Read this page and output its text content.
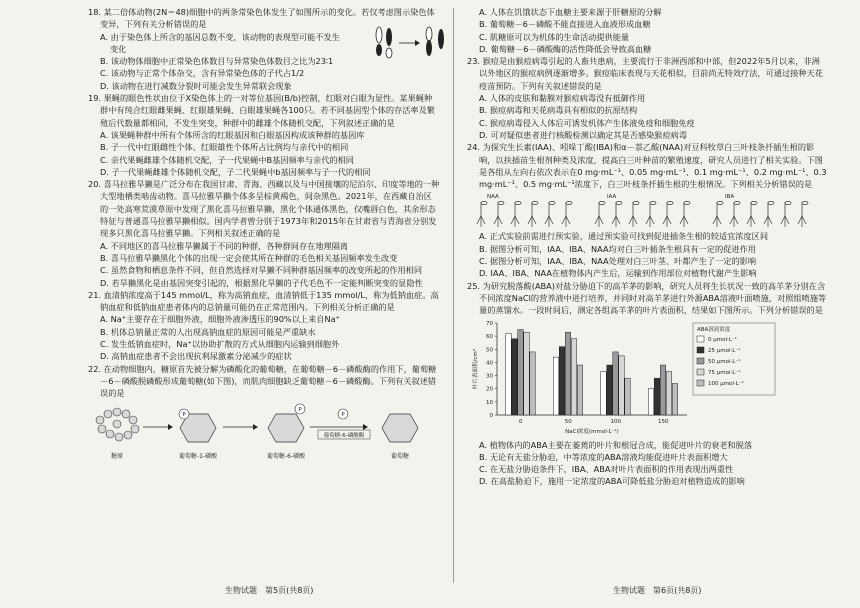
18. 某二倍体动物(2N＝48)细胞中的两条常染色体发生了如图所示的变化。若仅考虑图示染色体变异，下列有关分析错误的是

A. 由于染色体上所含的基因总数不变，该动物的表现型可能不发生

变化

B. 该动物体细胞中正常染色体数目与异常染色体数目之比为23∶1

C. 该动物与正常个体杂交，含有异常染色体的子代占1/2

D. 该动物在进行减数分裂时可能会发生异常联会现象

19. 果蝇的眼色性状由位于X染色体上的一对等位基因(B/b)控制，红眼对白眼为显性。某果蝇种群中有纯合红眼雌果蝇、红眼雄果蝇、白眼雄果蝇各100只。若不同基因型个体的存活率及繁殖后代数量都相同，不发生突变，种群中的雌雄个体随机交配，下列叙述正确的是

A. 该果蝇种群中所有个体所含的红眼基因和白眼基因构成该种群的基因库

B. 子一代中红眼雌性个体、红眼雄性个体所占比例均与亲代中的相同

C. 亲代果蝇雌雄个体随机交配，子一代果蝇中B基因频率与亲代的相同

D. 子一代果蝇雌雄个体随机交配，子二代果蝇中b基因频率与子一代的相同

20. 喜马拉雅旱獭是广泛分布在我国甘肃、青海、西藏以及与中国接壤的尼泊尔、印度等地的一种大型地栖类啮齿动物。喜马拉雅旱獭个体多呈棕黄褐色，间杂黑色。2021年，在西藏自治区的一处高寒荒漠草原中发现了黑化喜马拉雅旱獭，黑化个体通体黑色，仅嘴唇白色，其余形态特征与普通喜马拉雅旱獭相似。国内学者曾分别于1973年和2015年在甘肃省与青海省分别发现多只黑化喜马拉雅旱獭。下列相关叙述正确的是

A. 不同地区的喜马拉雅旱獭属于不同的种群，各种群间存在地理隔离

B. 喜马拉雅旱獭黑化个体的出现一定会使其所在种群的毛色相关基因频率发生改变

C. 虽然食物和栖息条件不同，但自然选择对旱獭不同种群基因频率的改变所起的作用相同

D. 若旱獭黑化是由基因突变引起的，根据黑化旱獭的子代毛色不一定能判断突变的显隐性

21. 血清钠浓度高于145 mmol/L，称为高钠血症，血清钠低于135 mmol/L，称为低钠血症。高钠血症和低钠血症患者体内的总钠量可能仍在正常范围内。下列相关分析正确的是

A. Na⁺主要存在于细胞外液，细胞外液渗透压的90%以上来自Na⁺

B. 机体总钠量正常的人出现高钠血症的原因可能是严重缺水

C. 发生低钠血症时，Na⁺以协助扩散的方式从细胞内运输到细胞外

D. 高钠血症患者不会出现抗利尿激素分泌减少的症状

22. 在动物细胞内，糖原首先被分解为磷酸化的葡萄糖，在葡萄糖－6－磷酸酶的作用下，葡萄糖－6－磷酸脱磷酸形成葡萄糖(如下图)，而肌肉细胞缺乏葡萄糖－6－磷酸酶。下列有关叙述错误的是

P
P
P
葡萄糖-6-磷酸酶
糖原	葡萄糖-1-磷酸	葡萄糖-6-磷酸	葡萄糖

A. 人体在饥饿状态下血糖主要来源于肝糖原的分解

B. 葡萄糖－6－磷酸不能直接进入血液形成血糖

C. 肌糖原可以为机体的生命活动提供能量

D. 葡萄糖－6－磷酸酶的活性降低会导致高血糖

23. 猴痘是由猴痘病毒引起的人畜共患病，主要流行于非洲西部和中部，但2022年5月以来，非洲以外地区的猴痘病例逐渐增多。猴痘临床表现与天花相似，目前尚无特效疗法，可通过接种天花疫苗预防。下列有关叙述错误的是

A. 人体的皮肤和黏膜对猴痘病毒没有抵御作用

B. 猴痘病毒和天花病毒具有相似的抗原结构

C. 猴痘病毒侵入人体后可诱发机体产生体液免疫和细胞免疫

D. 可对疑似患者进行核酸检测以确定其是否感染猴痘病毒

24. 为探究生长素(IAA)、吲哚丁酸(IBA)和α－萘乙酸(NAA)对豆科牧草白三叶枝条扦插生根的影响，以扶插苗生根剂种类及浓度，提高白三叶种苗的繁殖速度，研究人员进行了相关实验。下图是各组从左向右依次表示在0 mg·mL⁻¹、0.05 mg·mL⁻¹、0.1 mg·mL⁻¹、0.2 mg·mL⁻¹、0.3 mg·mL⁻¹、0.5 mg·mL⁻¹浓度下，白三叶枝条扦插生根的生根情况。下列相关分析错误的是

NAA	IAA	IBA

A. 正式实验前需进行预实验，通过预实验可找到促进插条生根的较适宜浓度区间

B. 据图分析可知，IAA、IBA、NAA均对白三叶插条生根具有一定的促进作用

C. 据图分析可知，IAA、IBA、NAA处理对白三叶茎、叶都产生了一定的影响

D. IAA、IBA、NAA在植物体内产生后，运输到作用部位对植物代谢产生影响

25. 为研究脱落酸(ABA)对盐分胁迫下的高羊茅的影响，研究人员将生长状况一致的高羊茅分别在含不同浓度NaCl的营养液中进行培养，并同时对高羊茅进行外源ABA溶液叶面喷施，对照组喷施等量的蒸馏水。一段时间后，测定各组高羊茅的叶片表面积，结果如下图所示。下列分析错误的是

0
10
20
30
40
50
60
70
叶片表面积/cm²
0	50	100	150
NaCl浓度(mmol·L⁻¹)
ABA溶液浓度
0 μmol·L⁻¹
25 μmol·L⁻¹
50 μmol·L⁻¹
75 μmol·L⁻¹
100 μmol·L⁻¹

A. 植物体内的ABA主要在萎蔫的叶片和根冠合成，能促进叶片的衰老和脱落

B. 无论有无盐分胁迫，中等浓度的ABA溶液均能促进叶片表面积增大

C. 在无盐分胁迫条件下，IBA、ABA对叶片表面积的作用表现出两重性

D. 在高盐胁迫下，施用一定浓度的ABA可降低盐分胁迫对植物造成的影响

生物试题　第5页(共8页)	生物试题　第6页(共8页)
